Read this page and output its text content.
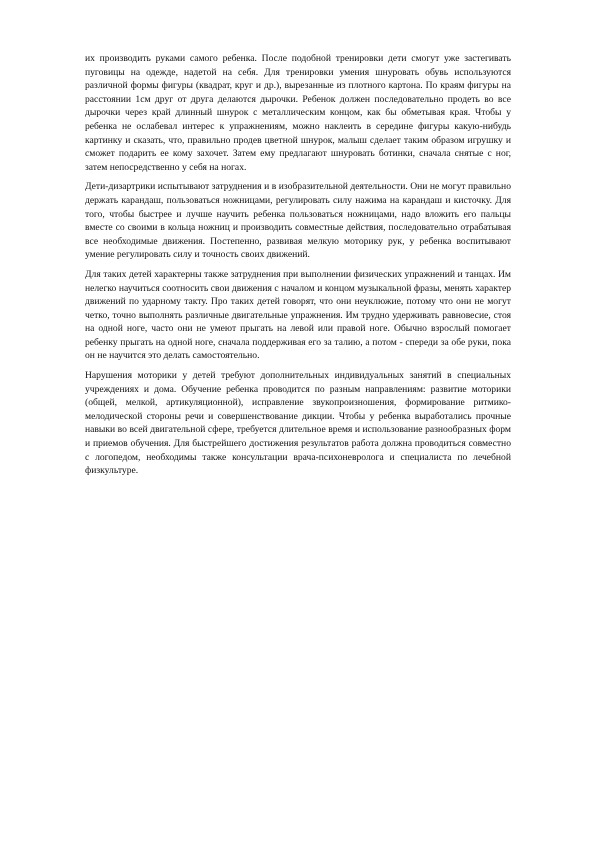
их производить руками самого ребенка. После подобной тренировки дети смогут уже застегивать пуговицы на одежде, надетой на себя. Для тренировки умения шнуровать обувь используются различной формы фигуры (квадрат, круг и др.), вырезанные из плотного картона. По краям фигуры на расстоянии 1см друг от друга делаются дырочки. Ребенок должен последовательно продеть во все дырочки через край длинный шнурок с металлическим концом, как бы обметывая края. Чтобы у ребенка не ослабевал интерес к упражнениям, можно наклеить в середине фигуры какую-нибудь картинку и сказать, что, правильно продев цветной шнурок, малыш сделает таким образом игрушку и сможет подарить ее кому захочет. Затем ему предлагают шнуровать ботинки, сначала снятые с ног, затем непосредственно у себя на ногах.

Дети-дизартрики испытывают затруднения и в изобразительной деятельности. Они не могут правильно держать карандаш, пользоваться ножницами, регулировать силу нажима на карандаш и кисточку. Для того, чтобы быстрее и лучше научить ребенка пользоваться ножницами, надо вложить его пальцы вместе со своими в кольца ножниц и производить совместные действия, последовательно отрабатывая все необходимые движения. Постепенно, развивая мелкую моторику рук, у ребенка воспитывают умение регулировать силу и точность своих движений.

Для таких детей характерны также затруднения при выполнении физических упражнений и танцах. Им нелегко научиться соотносить свои движения с началом и концом музыкальной фразы, менять характер движений по ударному такту. Про таких детей говорят, что они неуклюжие, потому что они не могут четко, точно выполнять различные двигательные упражнения. Им трудно удерживать равновесие, стоя на одной ноге, часто они не умеют прыгать на левой или правой ноге. Обычно взрослый помогает ребенку прыгать на одной ноге, сначала поддерживая его за талию, а потом - спереди за обе руки, пока он не научится это делать самостоятельно.

Нарушения моторики у детей требуют дополнительных индивидуальных занятий в специальных учреждениях и дома. Обучение ребенка проводится по разным направлениям: развитие моторики (общей, мелкой, артикуляционной), исправление звукопроизношения, формирование ритмико-мелодической стороны речи и совершенствование дикции. Чтобы у ребенка выработались прочные навыки во всей двигательной сфере, требуется длительное время и использование разнообразных форм и приемов обучения. Для быстрейшего достижения результатов работа должна проводиться совместно с логопедом, необходимы также консультации врача-психоневролога и специалиста по лечебной физкультуре.
